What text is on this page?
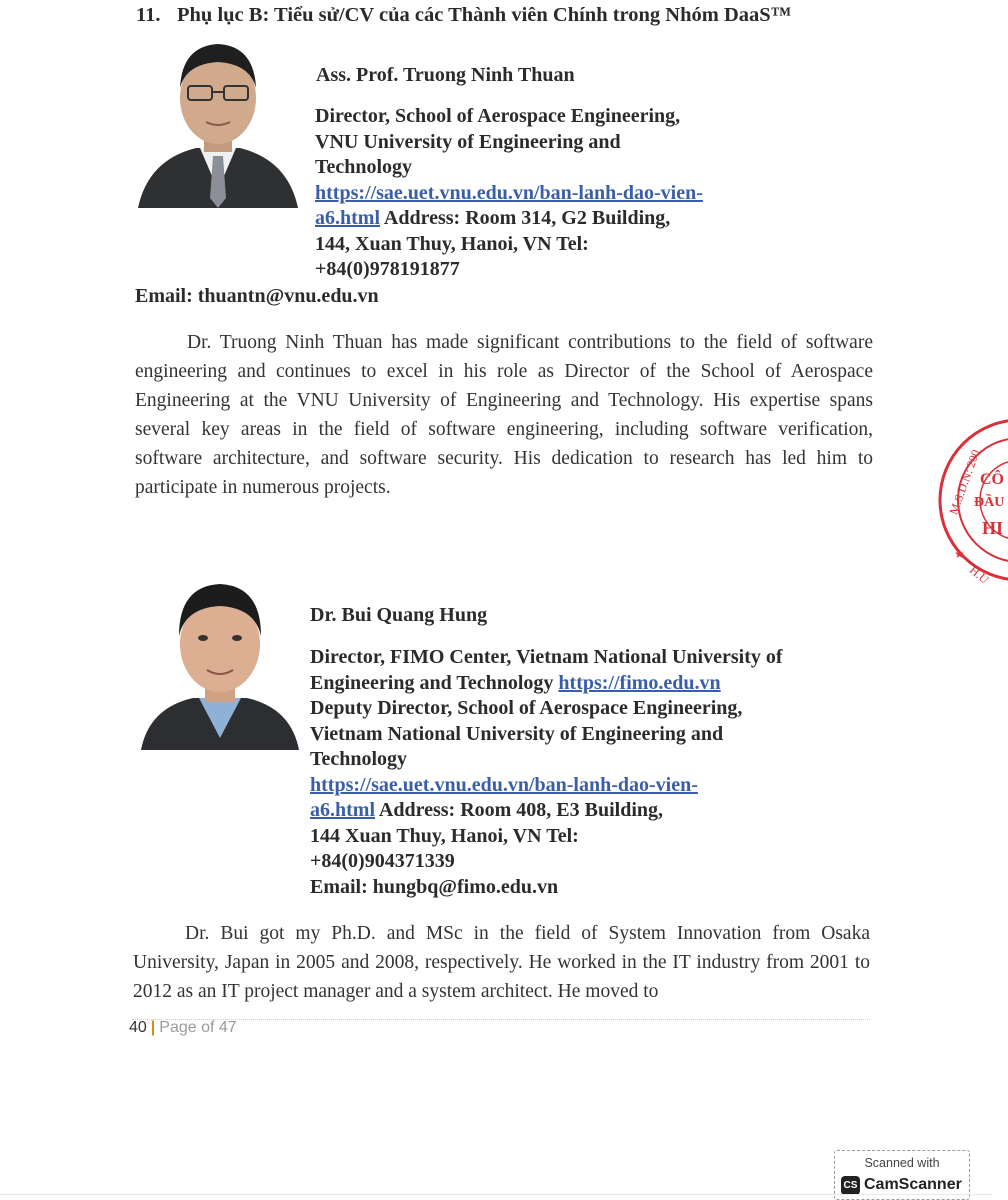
11. Phụ lục B: Tiểu sử/CV của các Thành viên Chính trong Nhóm DaaS™
Ass. Prof. Truong Ninh Thuan
Director, School of Aerospace Engineering,
VNU University of Engineering and
Technology
https://sae.uet.vnu.edu.vn/ban-lanh-dao-vien-
a6.html Address: Room 314, G2 Building,
144, Xuan Thuy, Hanoi, VN Tel:
+84(0)978191877
Email: thuantn@vnu.edu.vn
Dr. Truong Ninh Thuan has made significant contributions to the field of software engineering and continues to excel in his role as Director of the School of Aerospace Engineering at the VNU University of Engineering and Technology. His expertise spans several key areas in the field of software engineering, including software verification, software architecture, and software security. His dedication to research has led him to participate in numerous projects.	M.S.D.N: 200
CÔ
ĐẦU
HI
★
H.U
Dr. Bui Quang Hung
Director, FIMO Center, Vietnam National University of
Engineering and Technology https://fimo.edu.vn
Deputy Director, School of Aerospace Engineering,
Vietnam National University of Engineering and
Technology
https://sae.uet.vnu.edu.vn/ban-lanh-dao-vien-
a6.html Address: Room 408, E3 Building,
144 Xuan Thuy, Hanoi, VN Tel:
+84(0)904371339
Email: hungbq@fimo.edu.vn
Dr. Bui got my Ph.D. and MSc in the field of System Innovation from Osaka University, Japan in 2005 and 2008, respectively. He worked in the IT industry from 2001 to 2012 as an IT project manager and a system architect. He moved to
40 | Page of 47
Scanned with
CS CamScanner
